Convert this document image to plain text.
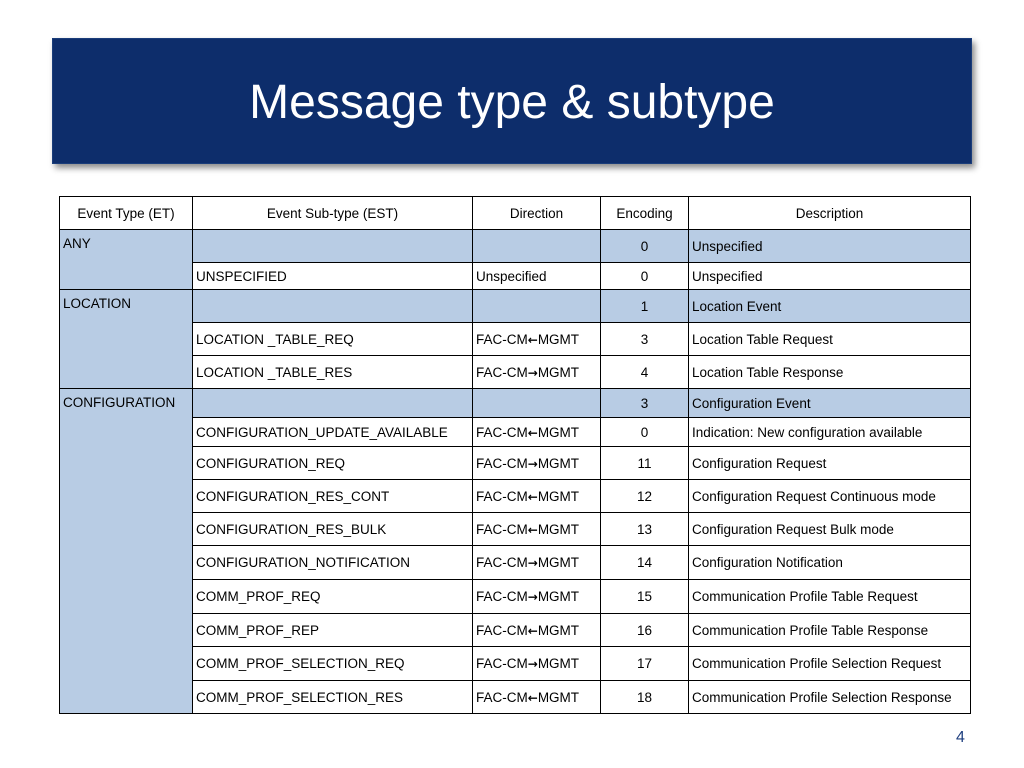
Message type & subtype
Event Type (ET)	Event Sub-type (EST)	Direction	Encoding	Description
ANY			0	Unspecified
	UNSPECIFIED	Unspecified	0	Unspecified
LOCATION			1	Location Event
	LOCATION _TABLE_REQ	FAC-CM←MGMT	3	Location Table Request
	LOCATION _TABLE_RES	FAC-CM→MGMT	4	Location Table Response
CONFIGURATION			3	Configuration Event
	CONFIGURATION_UPDATE_AVAILABLE	FAC-CM←MGMT	0	Indication: New configuration available
	CONFIGURATION_REQ	FAC-CM→MGMT	11	Configuration Request
	CONFIGURATION_RES_CONT	FAC-CM←MGMT	12	Configuration Request Continuous mode
	CONFIGURATION_RES_BULK	FAC-CM←MGMT	13	Configuration Request Bulk mode
	CONFIGURATION_NOTIFICATION	FAC-CM→MGMT	14	Configuration Notification
	COMM_PROF_REQ	FAC-CM→MGMT	15	Communication Profile Table Request
	COMM_PROF_REP	FAC-CM←MGMT	16	Communication Profile Table Response
	COMM_PROF_SELECTION_REQ	FAC-CM→MGMT	17	Communication Profile Selection Request
	COMM_PROF_SELECTION_RES	FAC-CM←MGMT	18	Communication Profile Selection Response
4
